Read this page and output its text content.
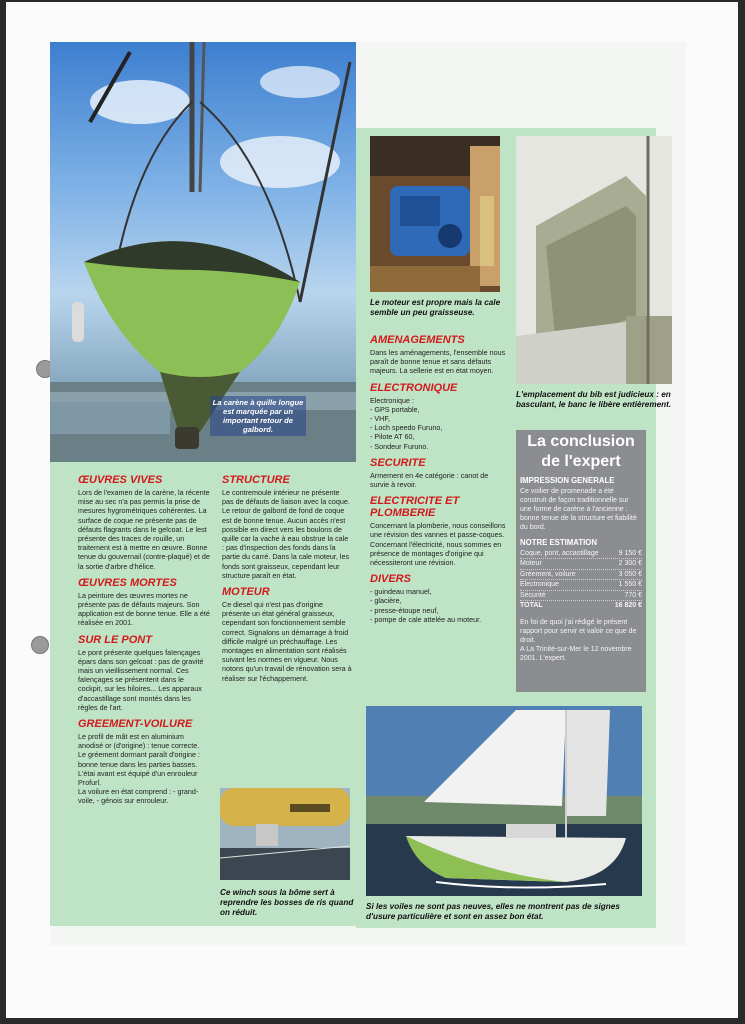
La carène à quille longue est marquée par un important retour de galbord.
Le moteur est propre mais la cale semble un peu graisseuse.
L'emplacement du bib est judicieux : en basculant, le banc le libère entièrement.
ŒUVRES VIVES

Lors de l'examen de la carène, la récente mise au sec n'a pas permis la prise de mesures hygrométriques cohérentes. La surface de coque ne présente pas de défauts flagrants dans le gelcoat. Le lest présente des traces de rouille, un traitement est à mettre en œuvre. Bonne tenue du gouvernail (contre-plaqué) et de la sortie d'arbre d'hélice.

ŒUVRES MORTES

La peinture des œuvres mortes ne présente pas de défauts majeurs. Son application est de bonne tenue. Elle a été réalisée en 2001.

SUR LE PONT

Le pont présente quelques faïençages épars dans son gelcoat : pas de gravité mais un vieillissement normal. Ces faïençages se présentent dans le cockpit, sur les hiloires... Les apparaux d'accastillage sont montés dans les règles de l'art.

GREEMENT-VOILURE

Le profil de mât est en aluminium anodisé or (d'origine) : tenue correcte.

Le gréement dormant paraît d'origine : bonne tenue dans les parties basses.

L'étai avant est équipé d'un enrouleur Profurl.

La voilure en état comprend : - grand-voile, - génois sur enrouleur.

STRUCTURE

Le contremoule intérieur ne présente pas de défauts de liaison avec la coque. Le retour de galbord de fond de coque est de bonne tenue. Aucun accès n'est possible en direct vers les boulons de quille car la vache à eau obstrue la cale : pas d'inspection des fonds dans la partie du carré. Dans la cale moteur, les fonds sont graisseux, cependant leur structure paraît en état.

MOTEUR

Ce diesel qui n'est pas d'origine présente un état général graisseux, cependant son fonctionnement semble correct. Signalons un démarrage à froid difficile malgré un préchauffage. Les montages en alimentation sont réalisés suivant les normes en vigueur. Nous notons qu'un travail de rénovation sera à réaliser sur l'échappement.

Ce winch sous la bôme sert à reprendre les bosses de ris quand on réduit.
AMENAGEMENTS

Dans les aménagements, l'ensemble nous paraît de bonne tenue et sans défauts majeurs. La sellerie est en état moyen.

ELECTRONIQUE

Electronique :

- GPS portable,

- VHF,

- Loch speedo Furuno,

- Pilote AT 60,

- Sondeur Furuno.

SECURITE

Armement en 4e catégorie : canot de survie à revoir.

ELECTRICITE ET PLOMBERIE

Concernant la plomberie, nous conseillons une révision des vannes et passe-coques.

Concernant l'électricité, nous sommes en présence de montages d'origine qui nécessiteront une révision.

DIVERS

- guindeau manuel,

- glacière,

- presse-étoupe neuf,

- pompe de cale attelée au moteur.

La conclusion
de l'expert
IMPRESSION GENERALE

Ce voilier de promenade a été construit de façon traditionnelle sur une forme de carène à l'ancienne : bonne tenue de la structure et fiabilité du bord.

NOTRE ESTIMATION
Coque, pont, accastillage	9 150 €
Moteur	2 300 €
Gréement, voilure	3 050 €
Electronique	1 550 €
Sécurité	770 €
TOTAL	16 820 €

En foi de quoi j'ai rédigé le présent rapport pour servir et valoir ce que de droit.

A La Trinité-sur-Mer le 12 novembre 2001. L'expert.

Si les voiles ne sont pas neuves, elles ne montrent pas de signes d'usure particulière et sont en assez bon état.
